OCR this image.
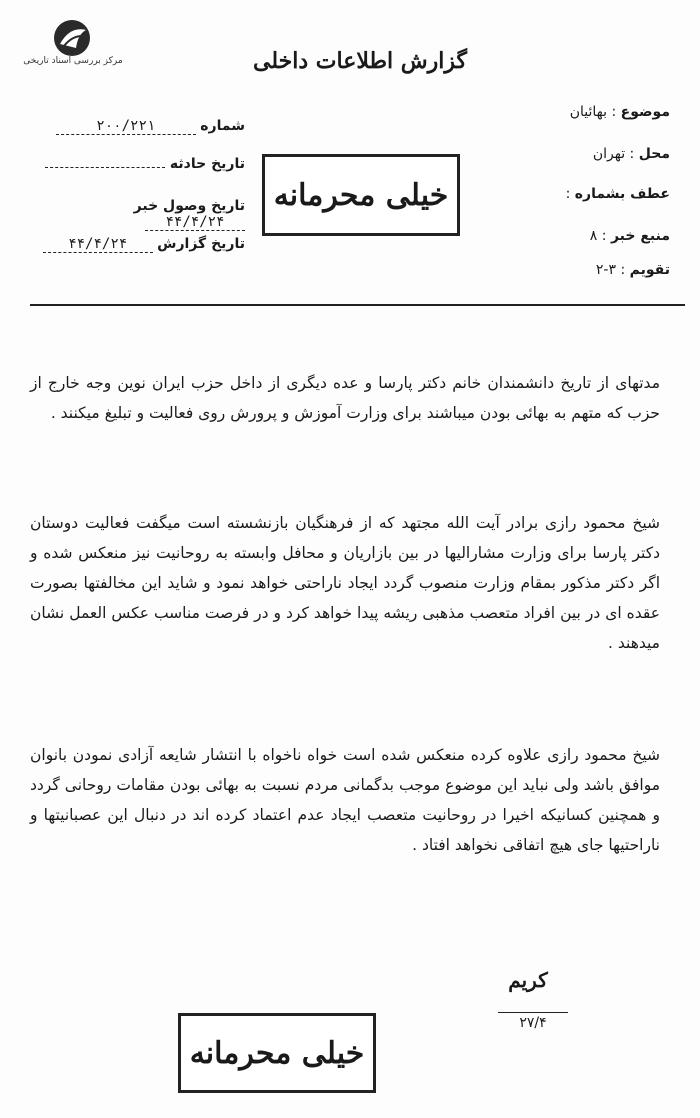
مرکز بررسی اسناد تاریخی	گزارش اطلاعات داخلی
شماره ۲۰۰/۲۲۱
تاریخ حادثه
تاریخ وصول خبر ۴۴/۴/۲۴
تاریخ گزارش ۴۴/۴/۲۴
خیلی محرمانه
موضوع : بهائیان
محل : تهران
عطف بشماره :
منبع خبر : ۸
تقویم : ۳-۲
مدتهای از تاریخ دانشمندان خانم دکتر پارسا و عده دیگری از داخل حزب ایران نوین وجه خارج از حزب که متهم به بهائی بودن میباشند برای وزارت آموزش و پرورش روی فعالیت و تبلیغ میکنند .
شیخ محمود رازی برادر آیت الله مجتهد که از فرهنگیان بازنشسته است میگفت فعالیت دوستان دکتر پارسا برای وزارت مشارالیها در بین بازاریان و محافل وابسته به روحانیت نیز منعکس شده و اگر دکتر مذکور بمقام وزارت منصوب گردد ایجاد ناراحتی خواهد نمود و شاید این مخالفتها بصورت عقده ای در بین افراد متعصب مذهبی ریشه پیدا خواهد کرد و در فرصت مناسب عکس العمل نشان میدهند .
شیخ محمود رازی علاوه کرده منعکس شده است خواه ناخواه با انتشار شایعه آزادی نمودن بانوان موافق باشد ولی نباید این موضوع موجب بدگمانی مردم نسبت به بهائی بودن مقامات روحانی گردد و همچنین کسانیکه اخیرا در روحانیت متعصب ایجاد عدم اعتماد کرده اند در دنبال این عصبانیتها و ناراحتیها جای هیچ اتفاقی نخواهد افتاد .
کریم
۲۷/۴
خیلی محرمانه
